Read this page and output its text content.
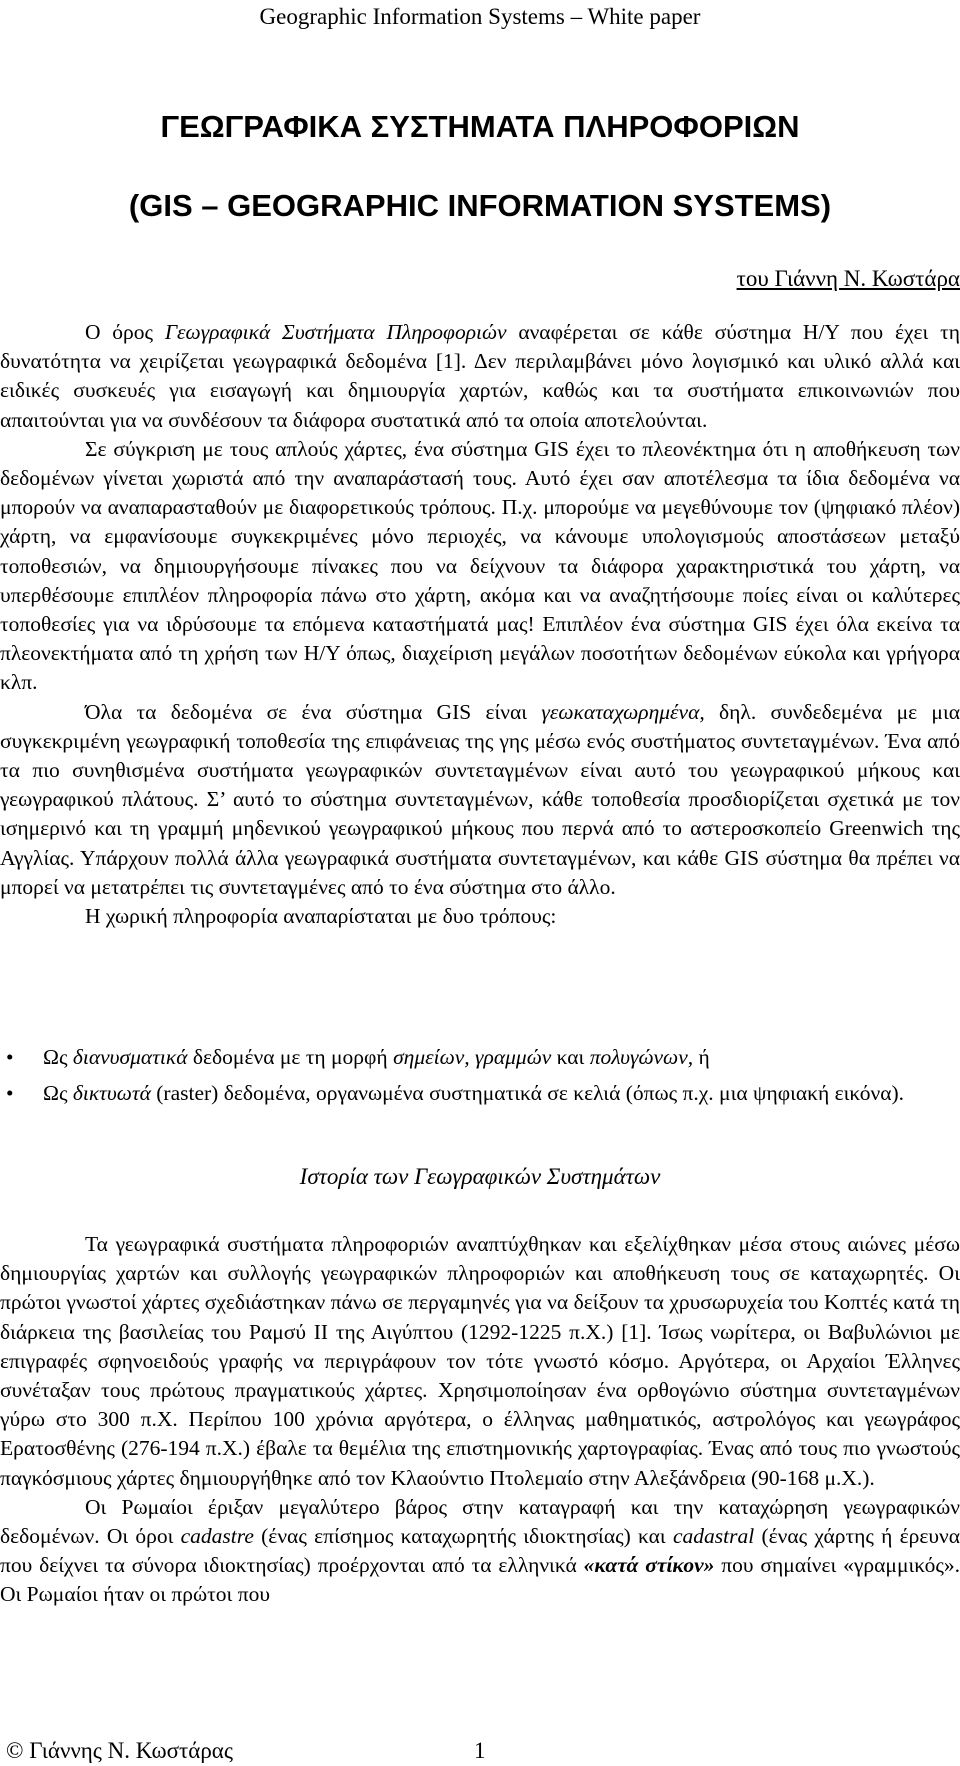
Geographic Information Systems – White paper
ΓΕΩΓΡΑΦΙΚΑ ΣΥΣΤΗΜΑΤΑ ΠΛΗΡΟΦΟΡΙΩΝ
(GIS – GEOGRAPHIC INFORMATION SYSTEMS)
του Γιάννη Ν. Κωστάρα

Ο όρος Γεωγραφικά Συστήματα Πληροφοριών αναφέρεται σε κάθε σύστημα Η/Υ που έχει τη δυνατότητα να χειρίζεται γεωγραφικά δεδομένα [1]. Δεν περιλαμβάνει μόνο λογισμικό και υλικό αλλά και ειδικές συσκευές για εισαγωγή και δημιουργία χαρτών, καθώς και τα συστήματα επικοινωνιών που απαιτούνται για να συνδέσουν τα διάφορα συστατικά από τα οποία αποτελούνται.

Σε σύγκριση με τους απλούς χάρτες, ένα σύστημα GIS έχει το πλεονέκτημα ότι η αποθήκευση των δεδομένων γίνεται χωριστά από την αναπαράστασή τους. Αυτό έχει σαν αποτέλεσμα τα ίδια δεδομένα να μπορούν να αναπαρασταθούν με διαφορετικούς τρόπους. Π.χ. μπορούμε να μεγεθύνουμε τον (ψηφιακό πλέον) χάρτη, να εμφανίσουμε συγκεκριμένες μόνο περιοχές, να κάνουμε υπολογισμούς αποστάσεων μεταξύ τοποθεσιών, να δημιουργήσουμε πίνακες που να δείχνουν τα διάφορα χαρακτηριστικά του χάρτη, να υπερθέσουμε επιπλέον πληροφορία πάνω στο χάρτη, ακόμα και να αναζητήσουμε ποίες είναι οι καλύτερες τοποθεσίες για να ιδρύσουμε τα επόμενα καταστήματά μας! Επιπλέον ένα σύστημα GIS έχει όλα εκείνα τα πλεονεκτήματα από τη χρήση των Η/Υ όπως, διαχείριση μεγάλων ποσοτήτων δεδομένων εύκολα και γρήγορα κλπ.

Όλα τα δεδομένα σε ένα σύστημα GIS είναι γεωκαταχωρημένα, δηλ. συνδεδεμένα με μια συγκεκριμένη γεωγραφική τοποθεσία της επιφάνειας της γης μέσω ενός συστήματος συντεταγμένων. Ένα από τα πιο συνηθισμένα συστήματα γεωγραφικών συντεταγμένων είναι αυτό του γεωγραφικού μήκους και γεωγραφικού πλάτους. Σ’ αυτό το σύστημα συντεταγμένων, κάθε τοποθεσία προσδιορίζεται σχετικά με τον ισημερινό και τη γραμμή μηδενικού γεωγραφικού μήκους που περνά από το αστεροσκοπείο Greenwich της Αγγλίας. Υπάρχουν πολλά άλλα γεωγραφικά συστήματα συντεταγμένων, και κάθε GIS σύστημα θα πρέπει να μπορεί να μετατρέπει τις συντεταγμένες από το ένα σύστημα στο άλλο.

Η χωρική πληροφορία αναπαρίσταται με δυο τρόπους:

• Ως διανυσματικά δεδομένα με τη μορφή σημείων, γραμμών και πολυγώνων, ή
• Ως δικτυωτά (raster) δεδομένα, οργανωμένα συστηματικά σε κελιά (όπως π.χ. μια ψηφιακή εικόνα).
Ιστορία των Γεωγραφικών Συστημάτων

Τα γεωγραφικά συστήματα πληροφοριών αναπτύχθηκαν και εξελίχθηκαν μέσα στους αιώνες μέσω δημιουργίας χαρτών και συλλογής γεωγραφικών πληροφοριών και αποθήκευση τους σε καταχωρητές. Οι πρώτοι γνωστοί χάρτες σχεδιάστηκαν πάνω σε περγαμηνές για να δείξουν τα χρυσωρυχεία του Κοπτές κατά τη διάρκεια της βασιλείας του Ραμσύ ΙΙ της Αιγύπτου (1292-1225 π.Χ.) [1]. Ίσως νωρίτερα, οι Βαβυλώνιοι με επιγραφές σφηνοειδούς γραφής να περιγράφουν τον τότε γνωστό κόσμο. Αργότερα, οι Αρχαίοι Έλληνες συνέταξαν τους πρώτους πραγματικούς χάρτες. Χρησιμοποίησαν ένα ορθογώνιο σύστημα συντεταγμένων γύρω στο 300 π.Χ. Περίπου 100 χρόνια αργότερα, ο έλληνας μαθηματικός, αστρολόγος και γεωγράφος Ερατοσθένης (276-194 π.Χ.) έβαλε τα θεμέλια της επιστημονικής χαρτογραφίας. Ένας από τους πιο γνωστούς παγκόσμιους χάρτες δημιουργήθηκε από τον Κλαούντιο Πτολεμαίο στην Αλεξάνδρεια (90-168 μ.Χ.).

Οι Ρωμαίοι έριξαν μεγαλύτερο βάρος στην καταγραφή και την καταχώρηση γεωγραφικών δεδομένων. Οι όροι cadastre (ένας επίσημος καταχωρητής ιδιοκτησίας) και cadastral (ένας χάρτης ή έρευνα που δείχνει τα σύνορα ιδιοκτησίας) προέρχονται από τα ελληνικά «κατά στίκον» που σημαίνει «γραμμικός». Οι Ρωμαίοι ήταν οι πρώτοι που

© Γιάννης Ν. Κωστάρας	1
